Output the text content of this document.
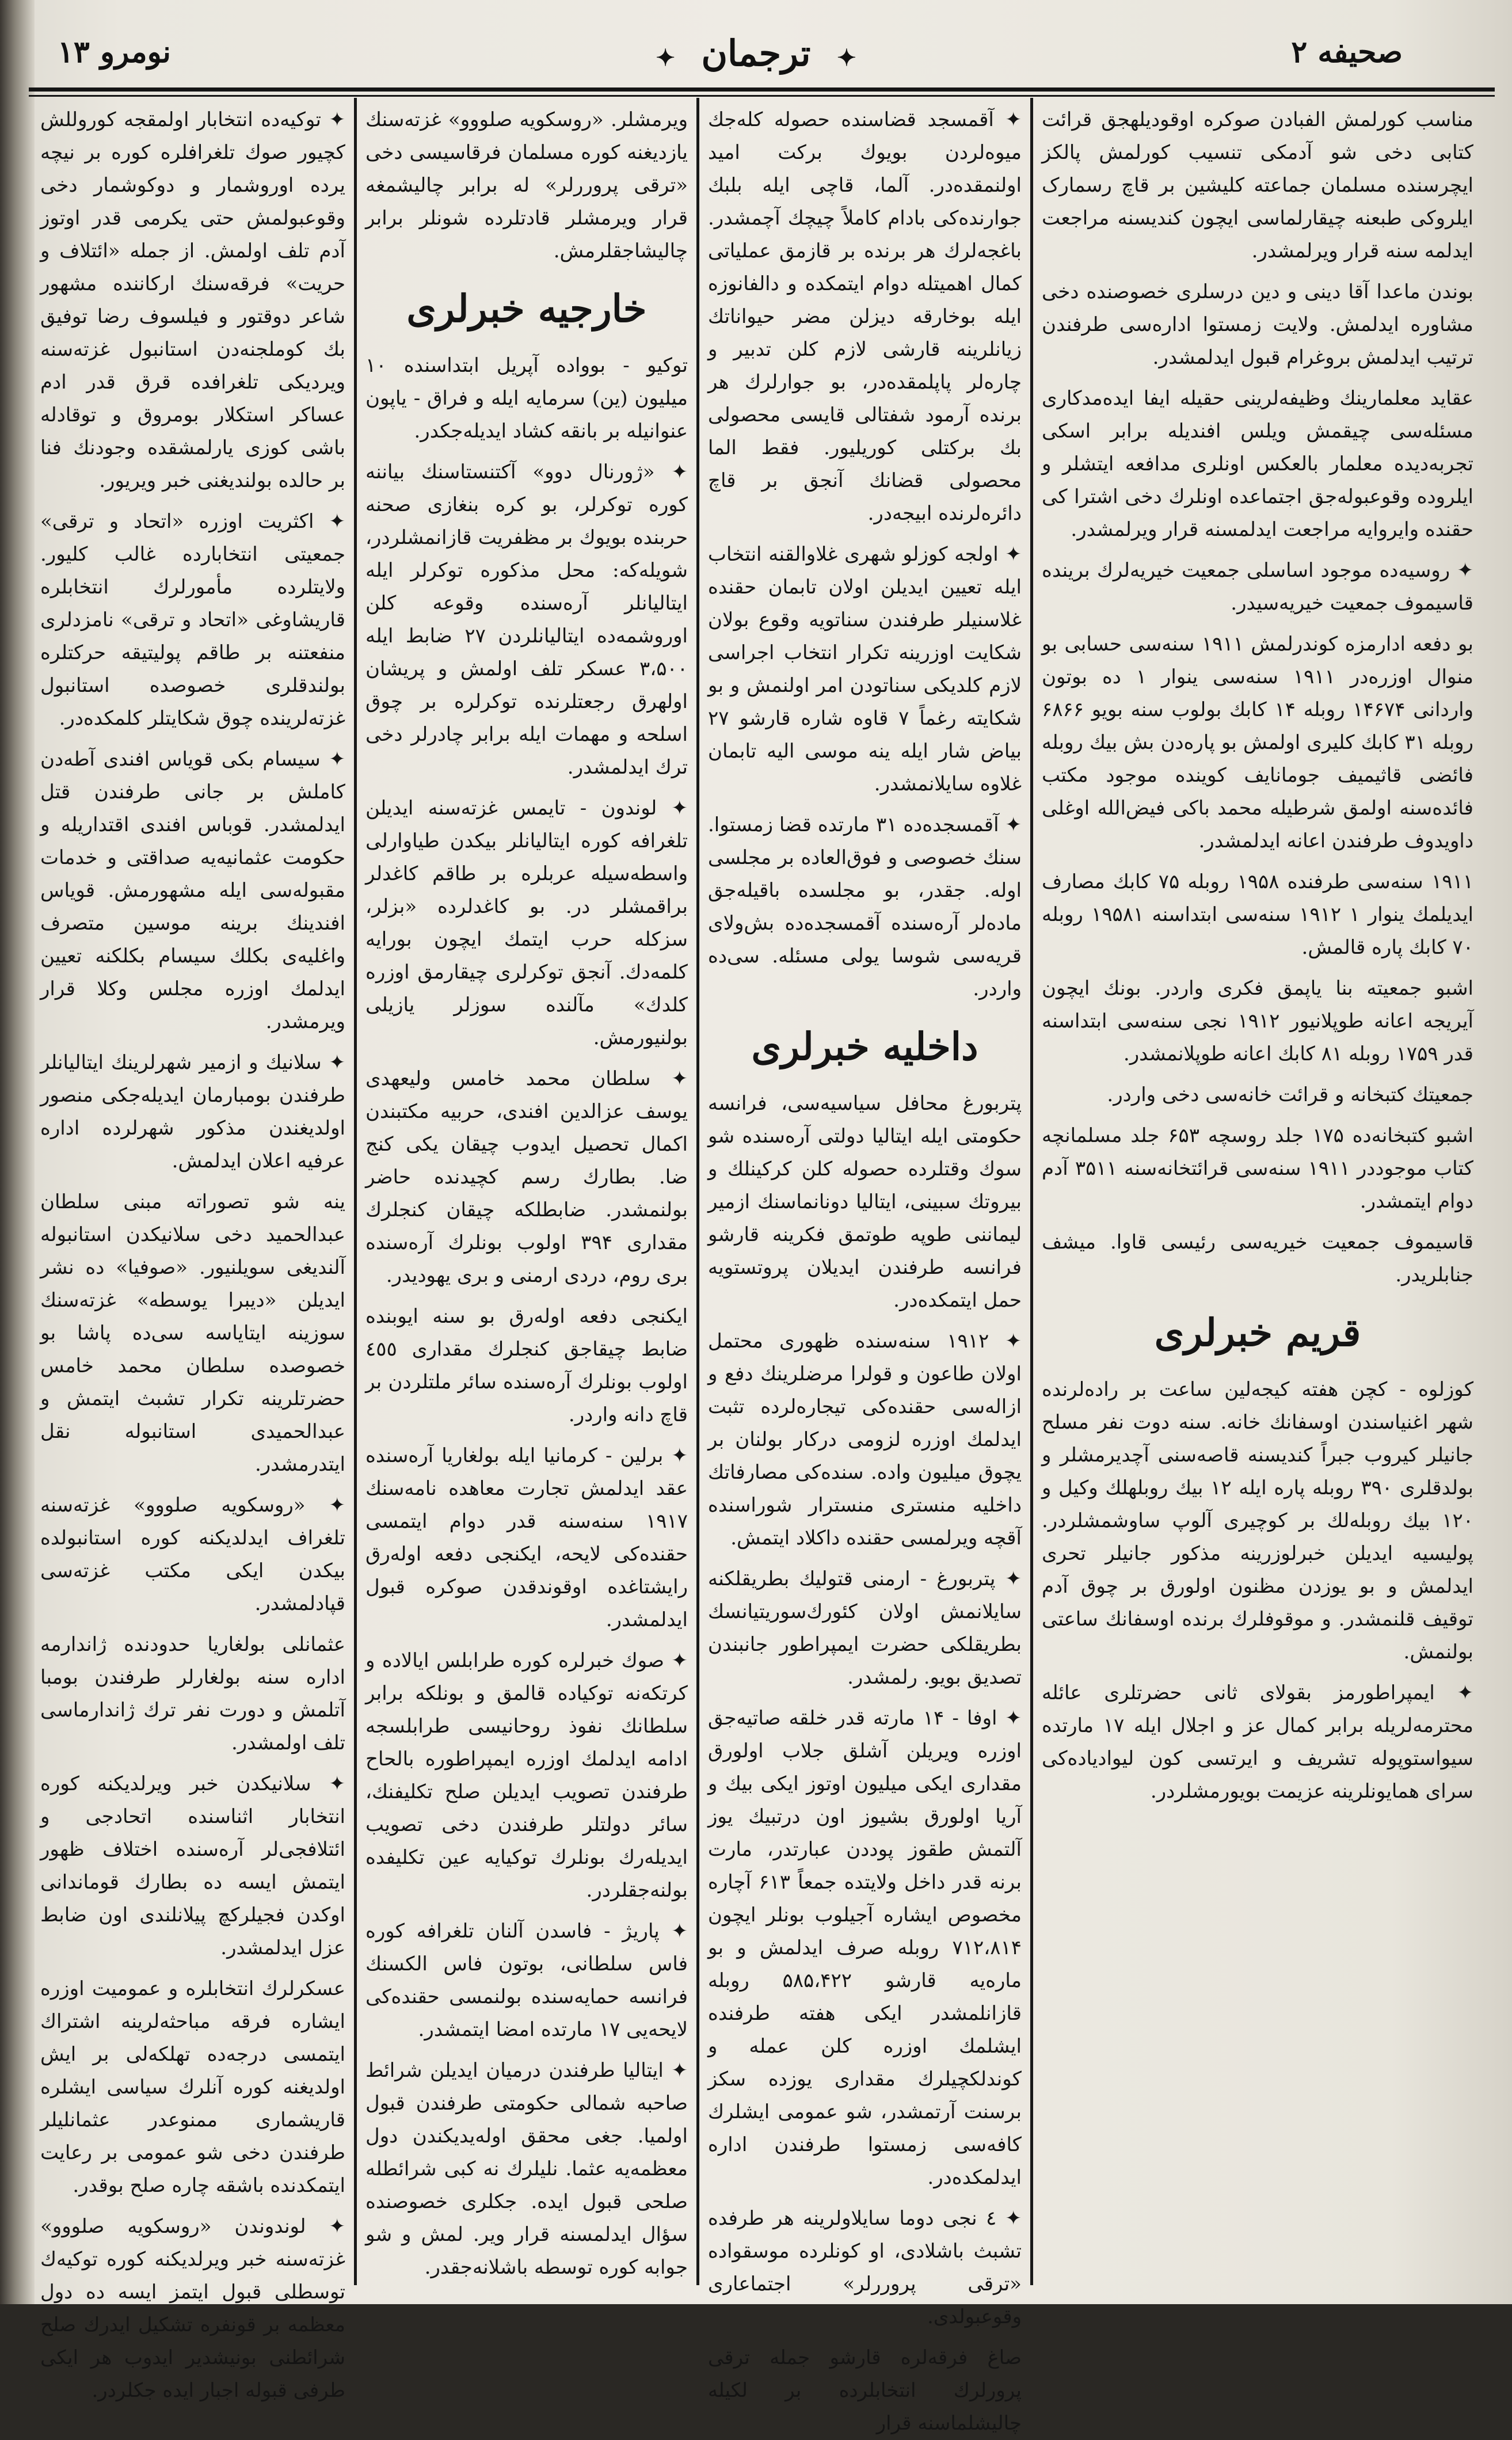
صحیفه ۲
✦ ترجمان ✦
نومرو ۱۳

مناسب کورلمش الفبادن صوکره اوقودیلهجق قرائت کتابی دخی شو آدمکی تنسیب کورلمش پالکز ایچرسنده مسلمان جماعته کلیشین بر قاچ رسمارک ایلروکی طبعنه چیقارلماسی ایچون کندیسنه مراجعت ایدلمه سنه قرار ویرلمشدر.

بوندن ماعدا آقا دینی و دین درسلری خصوصنده دخی مشاوره ایدلمش. ولایت زمستوا اداره‌سی طرفندن ترتیب ایدلمش بروغرام قبول ایدلمشدر.

عقاید معلمارینك وظیفه‌لرینی حقیله ایفا ایده‌مدکاری مسئله‌سی چیقمش ویلس افندیله برابر اسکی تجربه‌دیده معلمار بالعکس اونلری مدافعه ایتشلر و ایلروده وقوعبوله‌جق اجتماعده اونلرك دخی اشترا کی حقنده وایروایه مراجعت ایدلمسنه قرار ویرلمشدر.

✦ روسیه‌ده موجود اساسلی جمعیت خیریه‌لرك برینده قاسیموف جمعیت خیریه‌سیدر.

بو دفعه ادارمزه کوندرلمش ۱۹۱۱ سنه‌سی حسابی بو منوال اوزره‌در ۱۹۱۱ سنه‌سی ینوار ۱ ده بوتون واردانی ۱۴۶۷۴ روبله ۱۴ کابك بولوب سنه بویو ۶۸۶۶ روبله ۳۱ کابك کلیری اولمش بو پاره‌دن بش بیك روبله فائضی قاثیمیف جومانایف کوینده موجود مکتب فائده‌سنه اولمق شرطیله محمد باکی فیض‌الله اوغلی داویدوف طرفندن اعانه ایدلمشدر.

۱۹۱۱ سنه‌سی طرفنده ۱۹۵۸ روبله ۷۵ کابك مصارف ایدیلمك ینوار ۱ ۱۹۱۲ سنه‌سی ابتداسنه ۱۹۵۸۱ روبله ۷۰ کابك پاره قالمش.

اشبو جمعیته بنا یاپمق فکری واردر. بونك ایچون آیریجه اعانه طوپلانیور ۱۹۱۲ نجی سنه‌سی ابتداسنه قدر ۱۷۵۹ روبله ۸۱ کابك اعانه طوپلانمشدر.

جمعیتك کتبخانه و قرائت خانه‌سی دخی واردر.

اشبو کتبخانه‌ده ۱۷۵ جلد روسچه ۶۵۳ جلد مسلمانچه کتاب موجوددر ۱۹۱۱ سنه‌سی قرائتخانه‌سنه ۳۵۱۱ آدم دوام ایتمشدر.

قاسیموف جمعیت خیریه‌سی رئیسی قاوا. میشف جنابلریدر.

قریم خبرلری

کوزلوه - کچن هفته کیجه‌لین ساعت بر راده‌لرنده شهر اغنیاسندن اوسفانك خانه. سنه دوت نفر مسلح جانیلر کیروب جبراً کندیسنه قاصه‌سنی آچدیرمشلر و بولدقلری ۳۹۰ روبله پاره ایله ۱۲ بیك روبلهلك وکیل و ۱۲۰ بیك روبله‌لك بر کوچیری آلوپ ساوشمشلردر. پولیسیه ایدیلن خبرلوزرینه مذکور جانیلر تحری ایدلمش و بو یوزدن مظنون اولورق بر چوق آدم توقیف قلنمشدر. و موقوفلرك برنده اوسفانك ساعتی بولنمش.

✦ ایمپراطورمز بقولای ثانی حضرتلری عائله محترمه‌لریله برابر کمال عز و اجلال ایله ۱۷ مارتده سیواستوپوله تشریف و ایرتسی کون لیوادیاده‌کی سرای همایونلرینه عزیمت بویورمشلردر.

✦ آقمسجد قضاسنده حصوله کله‌جك میوه‌لردن بویوك برکت امید اولنمقده‌در. آلما، قاچی ایله بلبك جوارنده‌کی بادام کاملاً چیچك آچمشدر. باغجه‌لرك هر برنده بر قازمق عملیاتی کمال اهمیتله دوام ایتمکده و دالفانوزه ایله بوخارقه دیزلن مضر حیواناتك زیانلرینه قارشی لازم کلن تدبیر و چاره‌لر پاپلمقده‌در، بو جوارلرك هر برنده آرمود شفتالی قایسی محصولی بك برکتلی کوریلیور. فقط الما محصولی قضانك آنجق بر قاچ دائره‌لرنده ابیجه‌در.

✦ اولجه کوزلو شهری غلاوالقنه انتخاب ایله تعیین ایدیلن اولان تابمان حقنده غلاسنیلر طرفندن سناتویه وقوع بولان شکایت اوزرینه تکرار انتخاب اجراسی لازم کلدیکی سناتودن امر اولنمش و بو شکایته رغماً ۷ قاوه شاره قارشو ۲۷ بیاض شار ایله ینه موسی الیه تابمان غلاوه سایلانمشدر.

✦ آقمسجده‌ده ۳۱ مارتده قضا زمستوا. سنك خصوصی و فوق‌العاده بر مجلسی اوله. جقدر، بو مجلسده باقیله‌جق ماده‌لر آره‌سنده آقمسجده‌ده بش‌ولای قریه‌سی شوسا یولی مسئله. سی‌ده واردر.

داخلیه خبرلری

پتربورغ محافل سیاسیه‌سی، فرانسه حکومتی ایله ایتالیا دولتی آره‌سنده شو سوك وقتلرده حصوله کلن کرکینلك و بیروتك سبینی، ایتالیا دونانماسنك ازمیر لیماننی طوپه طوتمق فکرینه قارشو فرانسه طرفندن ایدیلان پروتستویه حمل ایتمکده‌در.

✦ ۱۹۱۲ سنه‌سنده ظهوری محتمل اولان طاعون و قولرا مرضلرینك دفع و ازاله‌سی حقنده‌کی تیجاره‌لرده تثبت ایدلمك اوزره لزومی درکار بولنان بر یچوق میلیون واده. سنده‌کی مصارفاتك داخلیه منستری منسترار شوراسنده آقچه ویرلمسی حقنده داکلاد ایتمش.

✦ پتربورغ - ارمنی قتولیك بطریقلکنه سایلانمش اولان کئورك‌سوریتیانسك بطریقلکی حضرت ایمپراطور جانبندن تصدیق بویو. رلمشدر.

✦ اوفا - ۱۴ مارته قدر خلقه صاتیه‌جق اوزره ویریلن آشلق جلاب اولورق مقداری ایکی میلیون اوتوز ایکی بیك و آریا اولورق بشیوز اون درتبیك یوز آلتمش طقوز پوددن عبارتدر، مارت برنه قدر داخل ولایتده جمعاً ۶۱۳ آچاره مخصوص ایشاره آجیلوب بونلر ایچون ۷۱۲،۸۱۴ روبله صرف ایدلمش و بو ماره‌یه قارشو ۵۸۵،۴۲۲ روبله قازانلمشدر ایکی هفته طرفنده ایشلمك اوزره کلن عمله و کوندلکچیلرك مقداری یوزده سکز برسنت آرتمشدر، شو عمومی ایشلرك کافه‌سی زمستوا طرفندن اداره ایدلمکده‌در.

✦ ٤ نجی دوما سایلاولرینه هر طرفده تشبث باشلادی، او کونلرده موسقواده «ترقی پروررلر» اجتماعاری وقوعبولدی.

صاغ فرقه‌لره قارشو جمله ترقی پرورلرك انتخابلرده بر لکیله چالیشلماسنه قرار

ویرمشلر. «روسکویه صلووو» غزته‌سنك یازدیغنه کوره مسلمان فرقاسیسی دخی «ترقی پروررلر» له برابر چالیشمغه قرار ویرمشلر قادتلرده شونلر برابر چالیشاجقلرمش.

خارجیه خبرلری

توکیو - بوواده آپریل ابتداسنده ۱۰ میلیون (ین) سرمایه ایله و فراق - یاپون عنوانیله بر بانقه کشاد ایدیله‌جکدر.

✦ «ژورنال دوو» آکتنستاسنك بیاننه کوره توکرلر، بو کره بنغازی صحنه حربنده بویوك بر مظفریت قازانمشلردر، شویله‌که: محل مذکوره توکرلر ایله ایتالیانلر آره‌سنده وقوعه کلن اوروشمه‌ده ایتالیانلردن ۲۷ ضابط ایله ۳،۵۰۰ عسکر تلف اولمش و پریشان اولهرق رجعتلرنده توکرلره بر چوق اسلحه و مهمات ایله برابر چادرلر دخی ترك ایدلمشدر.

✦ لوندون - تایمس غزته‌سنه ایدیلن تلغرافه کوره ایتالیانلر بیکدن طیاوارلی واسطه‌سیله عربلره بر طاقم کاغدلر براقمشلر در. بو کاغدلرده «بزلر، سزکله حرب ایتمك ایچون بورایه کلمه‌دك. آنجق توکرلری چیقارمق اوزره کلدك» مآلنده سوزلر یازیلی بولنیورمش.

✦ سلطان محمد خامس ولیعهدی یوسف عزالدین افندی، حربیه مکتبندن اکمال تحصیل ایدوب چیقان یکی کنج ضا. بطارك رسم کچیدنده حاضر بولنمشدر. ضابطلکه چیقان کنجلرك مقداری ۳۹۴ اولوب بونلرك آره‌سنده بری روم، دردی ارمنی و بری یهودیدر.

ایکنجی دفعه اوله‌رق بو سنه ایوبنده ضابط چیقاجق کنجلرك مقداری ٤٥٥ اولوب بونلرك آره‌سنده سائر ملتلردن بر قاچ دانه واردر.

✦ برلین - کرمانیا ایله بولغاریا آره‌سنده عقد ایدلمش تجارت معاهده نامه‌سنك ۱۹۱۷ سنه‌سنه قدر دوام ایتمسی حقنده‌کی لایحه، ایکنجی دفعه اوله‌رق رایشتاغده اوقوندقدن صوکره قبول ایدلمشدر.

✦ صوك خبرلره کوره طرابلس ایالاده و کرتکه‌نه توکیاده قالمق و بونلکه برابر سلطانك نفوذ روحانیسی طرابلسجه ادامه ایدلمك اوزره ایمپراطوره بالحاح طرفندن تصویب ایدیلن صلح تکلیفنك، سائر دولتلر طرفندن دخی تصویب ایدیله‌رك بونلرك توکیایه عین تکلیفده بولنه‌جقلردر.

✦ پاریژ - فاسدن آلنان تلغرافه کوره فاس سلطانی، بوتون فاس الکسنك فرانسه حمایه‌سنده بولنمسی حقنده‌کی لایحه‌یی ۱۷ مارتده امضا ایتمشدر.

✦ ایتالیا طرفندن درمیان ایدیلن شرائط صاحبه شمالی حکومتی طرفندن قبول اولمیا. جغی محقق اوله‌یدیکندن دول معظمه‌یه عثما. نلیلرك نه کبی شرائطله صلحی قبول ایده. جکلری خصوصنده سؤال ایدلمسنه قرار ویر. لمش و شو جوابه کوره توسطه باشلانه‌جقدر.

✦ توکیه‌ده انتخابار اولمقجه کوروللش کچیور صوك تلغرافلره کوره بر نیچه یرده اوروشمار و دوکوشمار دخی وقوعبولمش حتی یکرمی قدر اوتوز آدم تلف اولمش. از جمله «ائتلاف و حریت» فرقه‌سنك ارکاننده مشهور شاعر دوقتور و فیلسوف رضا توفیق بك کوملجنه‌دن استانبول غزته‌سنه ویردیکی تلغرافده قرق قدر ادم عساکر استکلار بومروق و توقادله باشی کوزی یارلمشقده وجودنك فنا بر حالده بولندیغنی خبر ویریور.

✦ اکثریت اوزره «اتحاد و ترقی» جمعیتی انتخابارده غالب کلیور. ولایتلرده مأمورلرك انتخابلره قاریشاوغی «اتحاد و ترقی» نامزدلری منفعتنه بر طاقم پولیتیقه حرکتلره بولندقلری خصوصده استانبول غزته‌لرینده چوق شکایتلر کلمکده‌در.

✦ سیسام بکی قویاس افندی آطه‌دن کاملش بر جانی طرفندن قتل ایدلمشدر. قوباس افندی اقتداریله و حکومت عثمانیه‌یه صداقتی و خدمات مقبوله‌سی ایله مشهورمش. قویاس افندینك برینه موسین متصرف واغلیه‌ی بکلك سیسام بکلکنه تعیین ایدلمك اوزره مجلس وکلا قرار ویرمشدر.

✦ سلانیك و ازمیر شهرلرینك ایتالیانلر طرفندن بومبارمان ایدیله‌جکی منصور اولدیغندن مذکور شهرلرده اداره عرفیه اعلان ایدلمش.

ینه شو تصوراته مبنی سلطان عبدالحمید دخی سلانیکدن استانبوله آلندیغی سویلنیور. «صوفیا» ده نشر ایدیلن «دیبرا یوسطه» غزته‌سنك سوزینه ایتایاسه سی‌ده پاشا بو خصوصده سلطان محمد خامس حضرتلرینه تکرار تشبث ایتمش و عبدالحمیدی استانبوله نقل ایتدرمشدر.

✦ «روسکویه صلووو» غزته‌سنه تلغراف ایدلدیکنه کوره استانبولده بیکدن ایکی مکتب غزته‌سی قپادلمشدر.

عثمانلی بولغاریا حدودنده ژاندارمه اداره سنه بولغارلر طرفندن بومبا آتلمش و دورت نفر ترك ژاندارماسی تلف اولمشدر.

✦ سلانیکدن خبر ویرلدیکنه کوره انتخابار اثناسنده اتحادجی و ائتلافجی‌لر آره‌سنده اختلاف ظهور ایتمش ایسه ده بطارك قوماندانی اوکدن فجیلرکچ پیلانلندی اون ضابط عزل ایدلمشدر.

عسکرلرك انتخابلره و عمومیت اوزره ایشاره فرقه مباحثه‌لرینه اشتراك ایتمسی درجه‌ده تهلکه‌لی بر ایش اولدیغنه کوره آنلرك سیاسی ایشلره قاریشماری ممنوعدر عثمانلیلر طرفندن دخی شو عمومی بر رعایت ایتمکدنده باشقه چاره صلح بوقدر.

✦ لوندوندن «روسکویه صلووو» غزته‌سنه خبر ویرلدیکنه کوره توکیه‌ك توسطلی قبول ایتمز ایسه ده دول معظمه بر قونفره تشکیل ایدرك صلح شرائطنی بونیشدیر ایدوب هر ایکی طرفی قبوله اجبار ایده جکلردر.
